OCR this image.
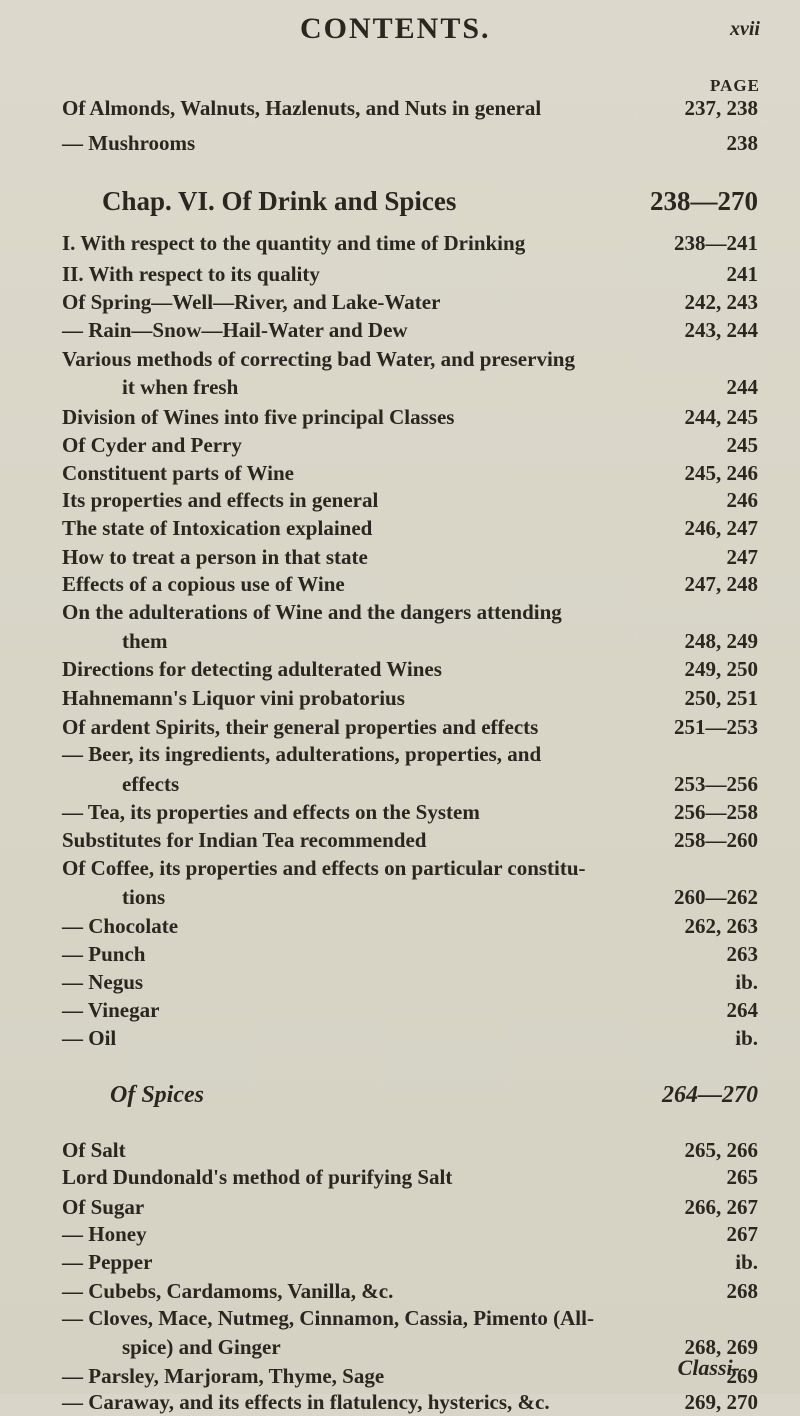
CONTENTS.	xvii
PAGE
Of Almonds, Walnuts, Hazlenuts, and Nuts in general	237, 238
— Mushrooms	238
Chap. VI. Of Drink and Spices	238—270
I. With respect to the quantity and time of Drinking	238—241
II. With respect to its quality	241
Of Spring—Well—River, and Lake-Water	242, 243
— Rain—Snow—Hail-Water and Dew	243, 244
Various methods of correcting bad Water, and preserving
it when fresh	244
Division of Wines into five principal Classes	244, 245
Of Cyder and Perry	245
Constituent parts of Wine	245, 246
Its properties and effects in general	246
The state of Intoxication explained	246, 247
How to treat a person in that state	247
Effects of a copious use of Wine	247, 248
On the adulterations of Wine and the dangers attending
them	248, 249
Directions for detecting adulterated Wines	249, 250
Hahnemann's Liquor vini probatorius	250, 251
Of ardent Spirits, their general properties and effects	251—253
— Beer, its ingredients, adulterations, properties, and
effects	253—256
— Tea, its properties and effects on the System	256—258
Substitutes for Indian Tea recommended	258—260
Of Coffee, its properties and effects on particular constitu-
tions	260—262
— Chocolate	262, 263
— Punch	263
— Negus	ib.
— Vinegar	264
— Oil	ib.
Of Spices	264—270
Of Salt	265, 266
Lord Dundonald's method of purifying Salt	265
Of Sugar	266, 267
— Honey	267
— Pepper	ib.
— Cubebs, Cardamoms, Vanilla, &c.	268
— Cloves, Mace, Nutmeg, Cinnamon, Cassia, Pimento (All-
spice) and Ginger	268, 269
— Parsley, Marjoram, Thyme, Sage	269
— Caraway, and its effects in flatulency, hysterics, &c.	269, 270
Classi-
